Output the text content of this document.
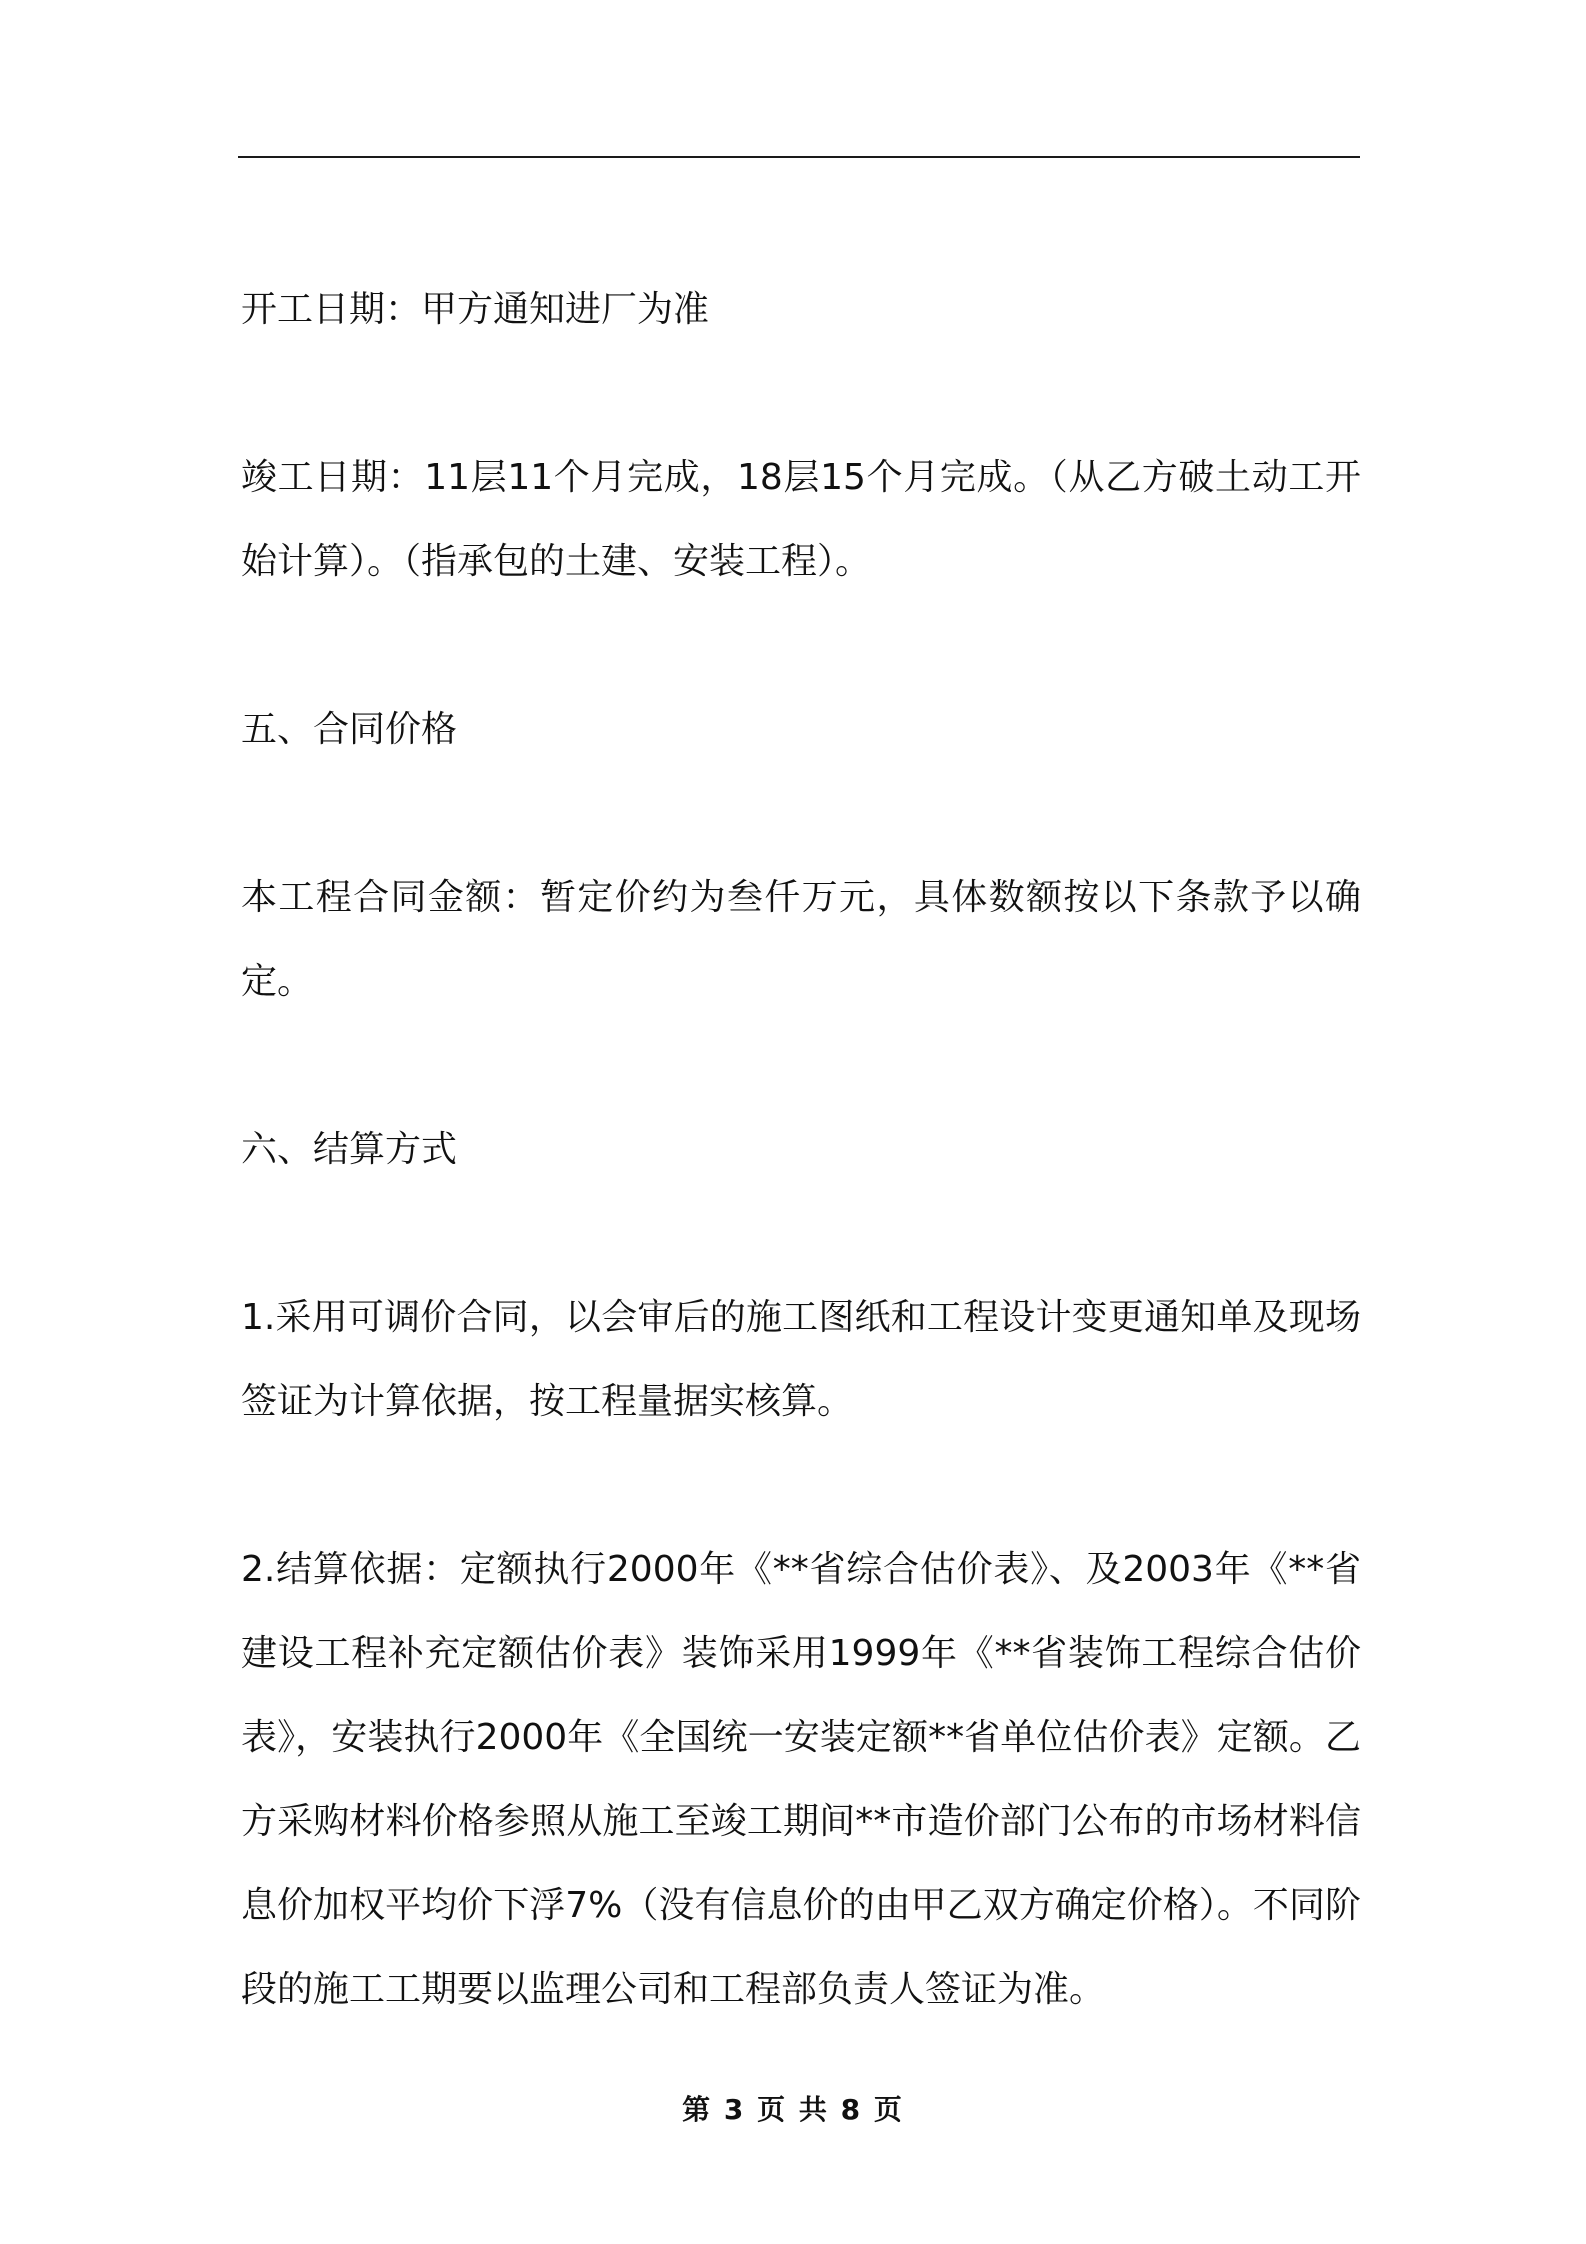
开工日期：甲方通知进厂为准

竣工日期：11层11个月完成，18层15个月完成。（从乙方破土动工开始计算）。（指承包的土建、安装工程）。

五、合同价格

本工程合同金额：暂定价约为叁仟万元，具体数额按以下条款予以确定。

六、结算方式

1.采用可调价合同，以会审后的施工图纸和工程设计变更通知单及现场签证为计算依据，按工程量据实核算。

2.结算依据：定额执行2000年《**省综合估价表》、及2003年《**省建设工程补充定额估价表》装饰采用1999年《**省装饰工程综合估价表》，安装执行2000年《全国统一安装定额**省单位估价表》定额。乙方采购材料价格参照从施工至竣工期间**市造价部门公布的市场材料信息价加权平均价下浮7%（没有信息价的由甲乙双方确定价格）。不同阶段的施工工期要以监理公司和工程部负责人签证为准。

第 3 页 共 8 页
